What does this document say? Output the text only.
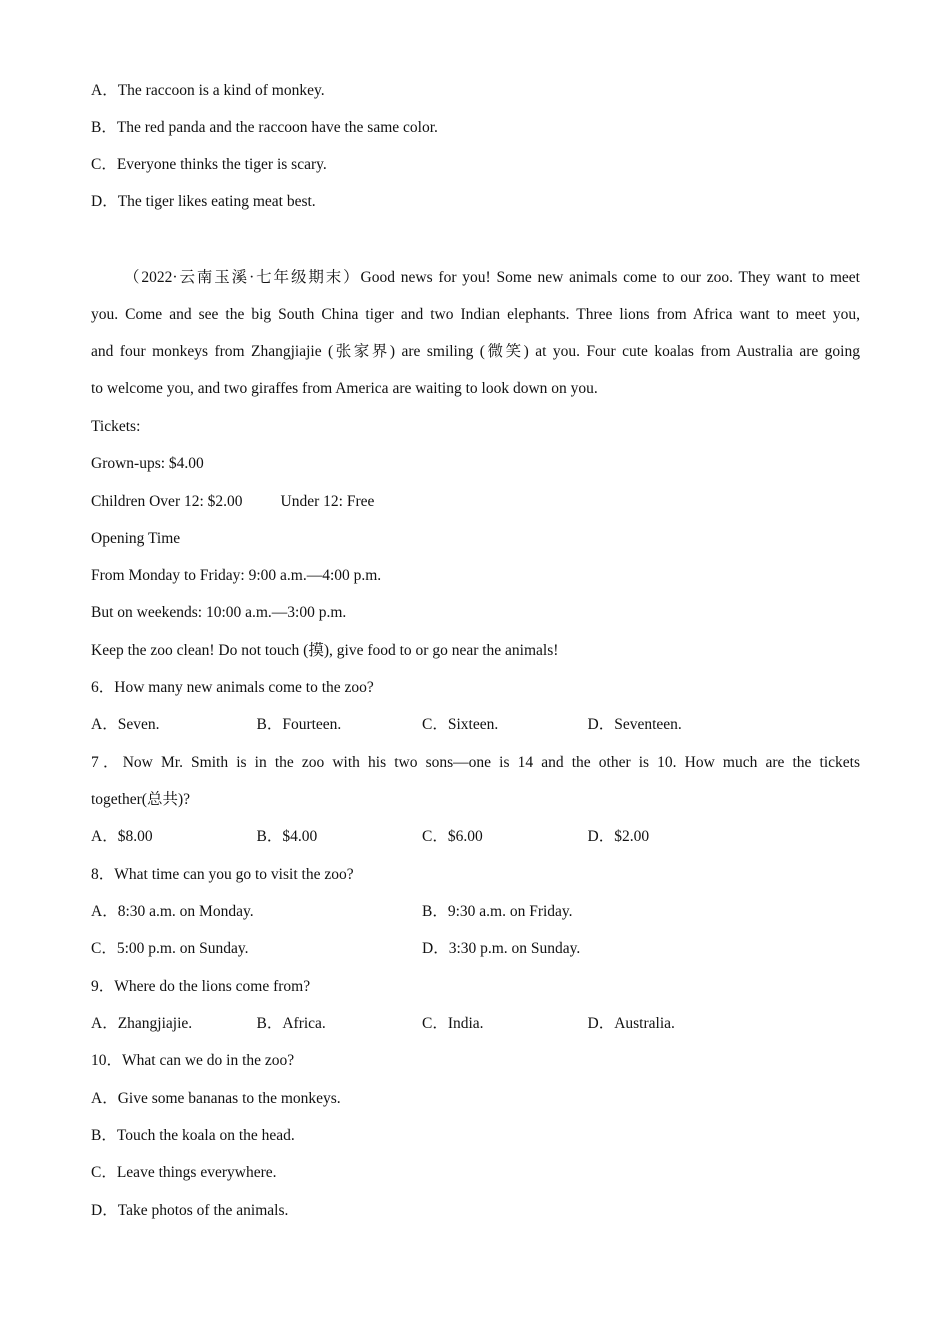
A．The raccoon is a kind of monkey.
B．The red panda and the raccoon have the same color.
C．Everyone thinks the tiger is scary.
D．The tiger likes eating meat best.
（2022·云南玉溪·七年级期末）Good news for you! Some new animals come to our zoo. They want to meet
you. Come and see the big South China tiger and two Indian elephants. Three lions from Africa want to meet you,
and four monkeys from Zhangjiajie (张家界) are smiling (微笑) at you. Four cute koalas from Australia are going
to welcome you, and two giraffes from America are waiting to look down on you.
Tickets:
Grown-ups: $4.00
Children Over 12: $2.00 Under 12: Free
Opening Time
From Monday to Friday: 9:00 a.m.—4:00 p.m.
But on weekends: 10:00 a.m.—3:00 p.m.
Keep the zoo clean! Do not touch (摸), give food to or go near the animals!
6．How many new animals come to the zoo?
A．Seven.	B．Fourteen.	C．Sixteen.	D．Seventeen.
7．Now Mr. Smith is in the zoo with his two sons—one is 14 and the other is 10. How much are the tickets
together(总共)?
A．$8.00	B．$4.00	C．$6.00	D．$2.00
8．What time can you go to visit the zoo?
A．8:30 a.m. on Monday.	B．9:30 a.m. on Friday.
C．5:00 p.m. on Sunday.	D．3:30 p.m. on Sunday.
9．Where do the lions come from?
A．Zhangjiajie.	B．Africa.	C．India.	D．Australia.
10．What can we do in the zoo?
A．Give some bananas to the monkeys.
B．Touch the koala on the head.
C．Leave things everywhere.
D．Take photos of the animals.
